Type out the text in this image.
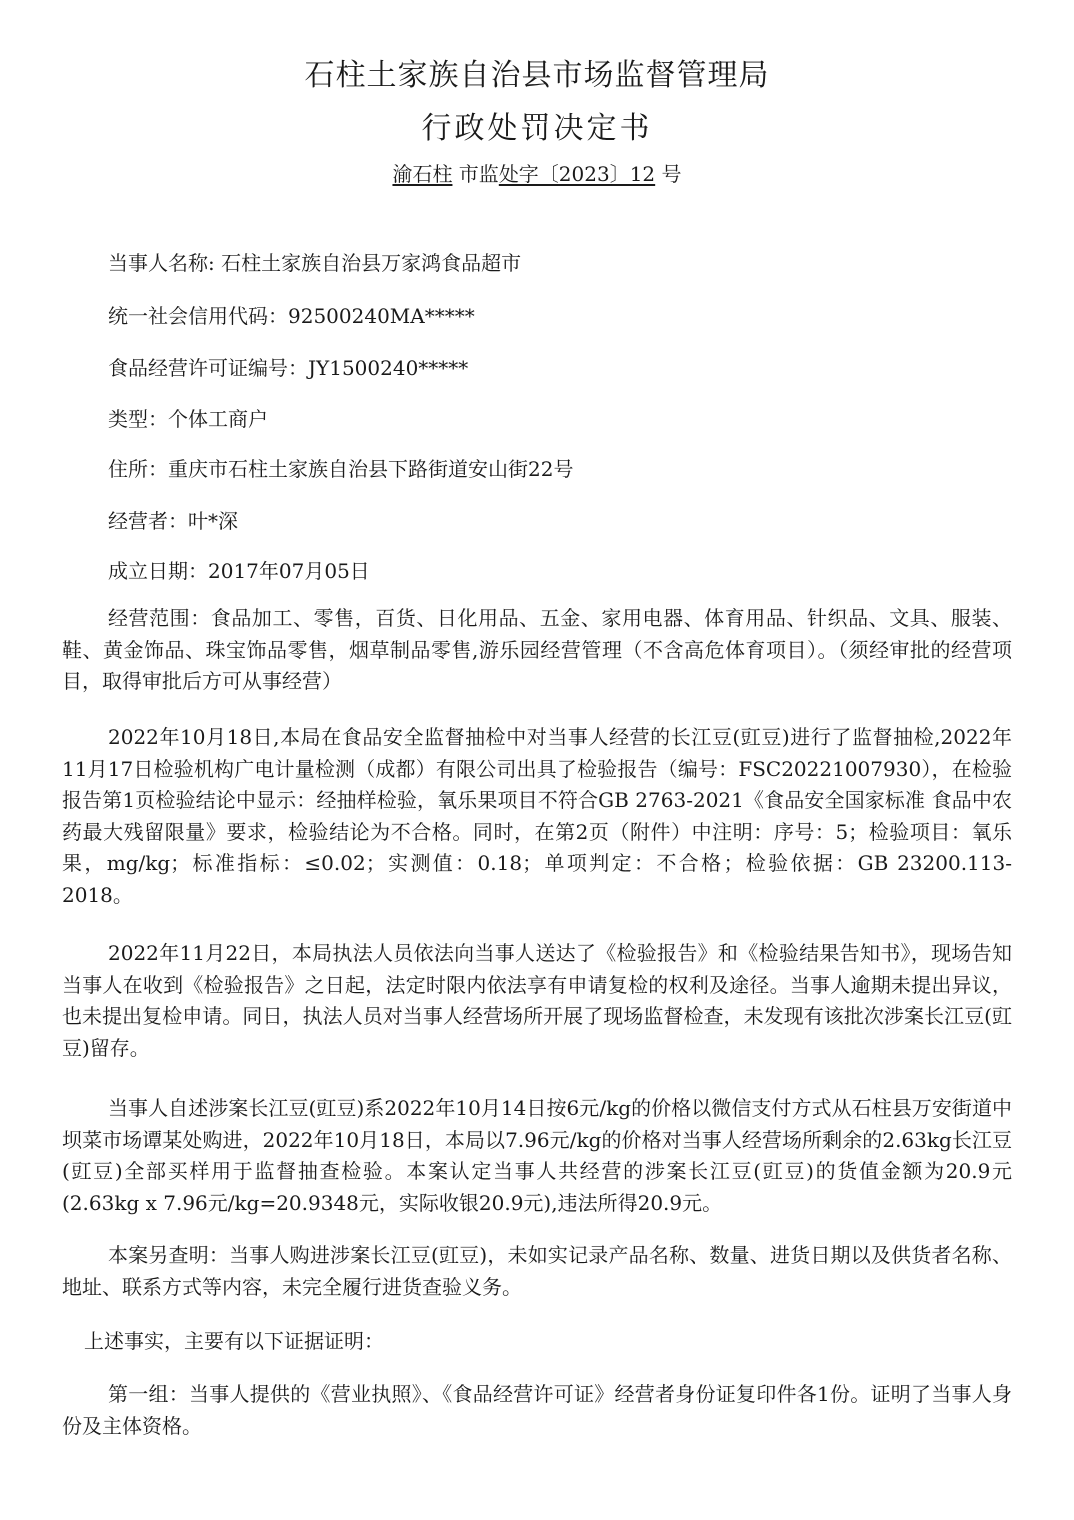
石柱土家族自治县市场监督管理局
行政处罚决定书
渝石柱 市监处字〔2023〕12 号
当事人名称: 石柱土家族自治县万家鸿食品超市
统一社会信用代码：92500240MA*****
食品经营许可证编号：JY1500240*****
类型：个体工商户
住所：重庆市石柱土家族自治县下路街道安山街22号
经营者：叶*深
成立日期：2017年07月05日

经营范围：食品加工、零售，百货、日化用品、五金、家用电器、体育用品、针织品、文具、服装、鞋、黄金饰品、珠宝饰品零售，烟草制品零售,游乐园经营管理（不含高危体育项目）。（须经审批的经营项目，取得审批后方可从事经营）

2022年10月18日,本局在食品安全监督抽检中对当事人经营的长江豆(豇豆)进行了监督抽检,2022年11月17日检验机构广电计量检测（成都）有限公司出具了检验报告（编号：FSC20221007930），在检验报告第1页检验结论中显示：经抽样检验，氧乐果项目不符合GB 2763-2021《食品安全国家标准 食品中农药最大残留限量》要求，检验结论为不合格。同时，在第2页（附件）中注明：序号：5；检验项目：氧乐果，mg/kg；标准指标：≤0.02；实测值：0.18；单项判定：不合格；检验依据：GB 23200.113-2018。

2022年11月22日，本局执法人员依法向当事人送达了《检验报告》和《检验结果告知书》，现场告知当事人在收到《检验报告》之日起，法定时限内依法享有申请复检的权利及途径。当事人逾期未提出异议，也未提出复检申请。同日，执法人员对当事人经营场所开展了现场监督检查，未发现有该批次涉案长江豆(豇豆)留存。

当事人自述涉案长江豆(豇豆)系2022年10月14日按6元/kg的价格以微信支付方式从石柱县万安街道中坝菜市场谭某处购进，2022年10月18日，本局以7.96元/kg的价格对当事人经营场所剩余的2.63kg长江豆(豇豆)全部买样用于监督抽查检验。本案认定当事人共经营的涉案长江豆(豇豆)的货值金额为20.9元(2.63kg x 7.96元/kg=20.9348元，实际收银20.9元),违法所得20.9元。

本案另查明：当事人购进涉案长江豆(豇豆)，未如实记录产品名称、数量、进货日期以及供货者名称、地址、联系方式等内容，未完全履行进货查验义务。

上述事实，主要有以下证据证明：

第一组：当事人提供的《营业执照》、《食品经营许可证》经营者身份证复印件各1份。证明了当事人身份及主体资格。
